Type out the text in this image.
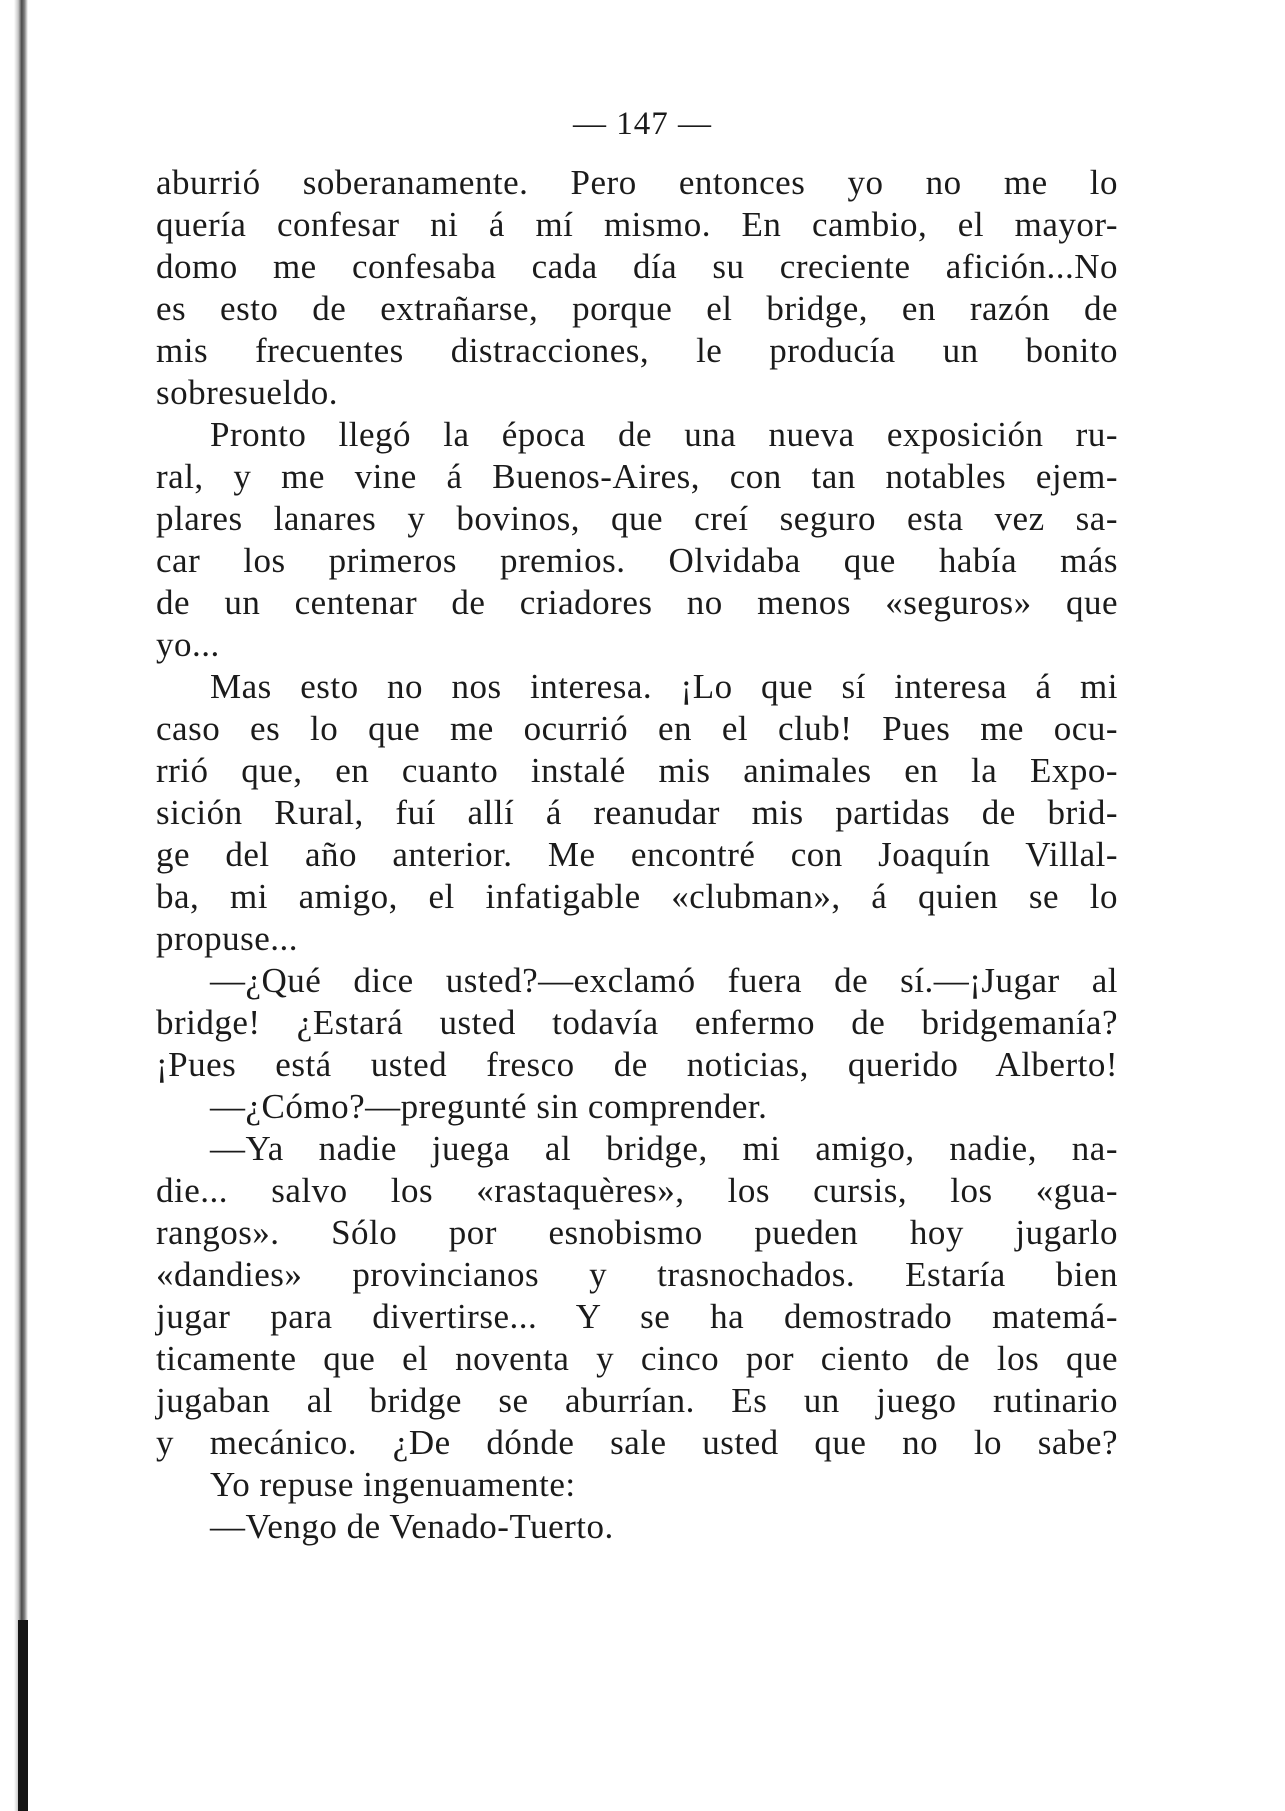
— 147 —
aburrió soberanamente. Pero entonces yo no me lo
quería confesar ni á mí mismo. En cambio, el mayor-
domo me confesaba cada día su creciente afición...No
es esto de extrañarse, porque el bridge, en razón de
mis frecuentes distracciones, le producía un bonito
sobresueldo.
Pronto llegó la época de una nueva exposición ru-
ral, y me vine á Buenos-Aires, con tan notables ejem-
plares lanares y bovinos, que creí seguro esta vez sa-
car los primeros premios. Olvidaba que había más
de un centenar de criadores no menos «seguros» que
yo...
Mas esto no nos interesa. ¡Lo que sí interesa á mi
caso es lo que me ocurrió en el club! Pues me ocu-
rrió que, en cuanto instalé mis animales en la Expo-
sición Rural, fuí allí á reanudar mis partidas de brid-
ge del año anterior. Me encontré con Joaquín Villal-
ba, mi amigo, el infatigable «clubman», á quien se lo
propuse...
—¿Qué dice usted?—exclamó fuera de sí.—¡Jugar al
bridge! ¿Estará usted todavía enfermo de bridgemanía?
¡Pues está usted fresco de noticias, querido Alberto!
—¿Cómo?—pregunté sin comprender.
—Ya nadie juega al bridge, mi amigo, nadie, na-
die... salvo los «rastaquères», los cursis, los «gua-
rangos». Sólo por esnobismo pueden hoy jugarlo
«dandies» provincianos y trasnochados. Estaría bien
jugar para divertirse... Y se ha demostrado matemá-
ticamente que el noventa y cinco por ciento de los que
jugaban al bridge se aburrían. Es un juego rutinario
y mecánico. ¿De dónde sale usted que no lo sabe?
Yo repuse ingenuamente:
—Vengo de Venado-Tuerto.
